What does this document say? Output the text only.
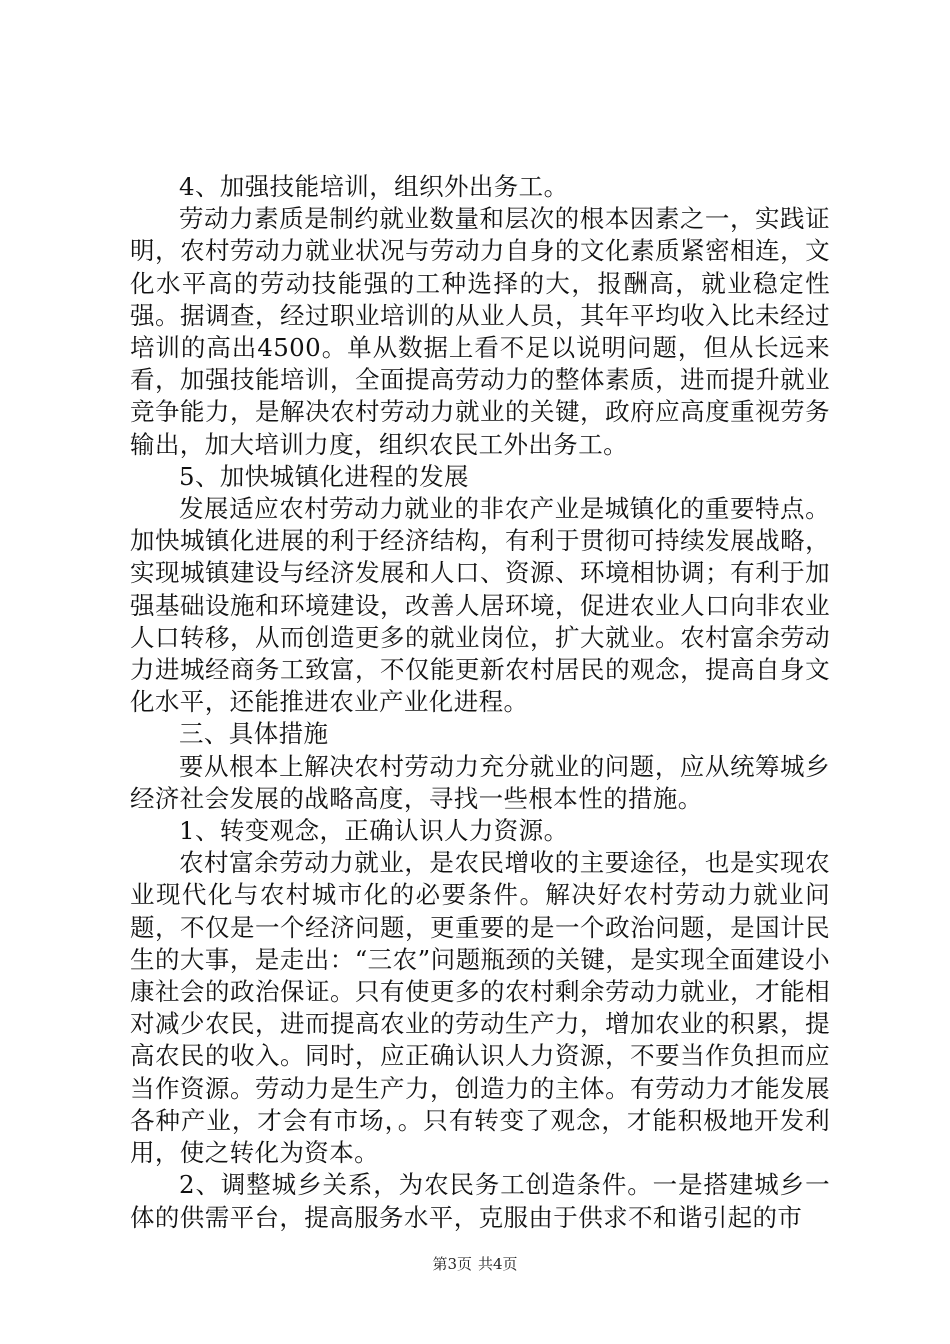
4、加强技能培训，组织外出务工。

劳动力素质是制约就业数量和层次的根本因素之一，实践证明，农村劳动力就业状况与劳动力自身的文化素质紧密相连，文化水平高的劳动技能强的工种选择的大，报酬高，就业稳定性强。据调查，经过职业培训的从业人员，其年平均收入比未经过培训的高出4500。单从数据上看不足以说明问题，但从长远来看，加强技能培训，全面提高劳动力的整体素质，进而提升就业竞争能力，是解决农村劳动力就业的关键，政府应高度重视劳务输出，加大培训力度，组织农民工外出务工。

5、加快城镇化进程的发展

发展适应农村劳动力就业的非农产业是城镇化的重要特点。加快城镇化进展的利于经济结构，有利于贯彻可持续发展战略，实现城镇建设与经济发展和人口、资源、环境相协调；有利于加强基础设施和环境建设，改善人居环境，促进农业人口向非农业人口转移，从而创造更多的就业岗位，扩大就业。农村富余劳动力进城经商务工致富，不仅能更新农村居民的观念，提高自身文化水平，还能推进农业产业化进程。

三、具体措施

要从根本上解决农村劳动力充分就业的问题，应从统筹城乡经济社会发展的战略高度，寻找一些根本性的措施。

1、转变观念，正确认识人力资源。

农村富余劳动力就业，是农民增收的主要途径，也是实现农业现代化与农村城市化的必要条件。解决好农村劳动力就业问题，不仅是一个经济问题，更重要的是一个政治问题，是国计民生的大事，是走出：“三农”问题瓶颈的关键，是实现全面建设小康社会的政治保证。只有使更多的农村剩余劳动力就业，才能相对减少农民，进而提高农业的劳动生产力，增加农业的积累，提高农民的收入。同时，应正确认识人力资源，不要当作负担而应当作资源。劳动力是生产力，创造力的主体。有劳动力才能发展各种产业，才会有市场，。只有转变了观念，才能积极地开发利用，使之转化为资本。

2、调整城乡关系，为农民务工创造条件。一是搭建城乡一体的供需平台，提高服务水平，克服由于供求不和谐引起的市

第3页 共4页
